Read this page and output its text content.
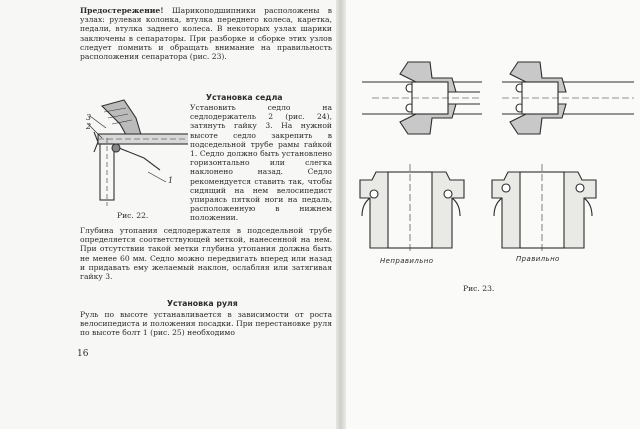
Предостережение! Шарикоподшипники расположены в узлах: рулевая колонка, втулка переднего колеса, каретка, педали, втулка заднего колеса. В некоторых узлах шарики заключены в сепараторы. При разборке и сборке этих узлов следует помнить и обращать внимание на правильность расположения сепаратора (рис. 23).
Установка седла
Установить седло на седлодержатель 2 (рис. 24), затянуть гайку 3. На нужной высоте седло закрепить в подседельной трубе рамы гайкой 1. Седло должно быть установлено горизонтально или слегка наклонено назад. Седло рекомендуется ставить так, чтобы сидящий на нем велосипедист упираясь пяткой ноги на педаль, расположенную в нижнем положении.
Глубина утопания седлодержателя в подседельной трубе определяется соответствующей меткой, нанесенной на нем. При отсутствии такой метки глубина утопания должна быть не менее 60 мм. Седло можно передвигать вперед или назад и придавать ему желаемый наклон, ослабляя или затягивая гайку 3.
Установка руля
Руль по высоте устанавливается в зависимости от роста велосипедиста и положения посадки. При перестановке руля по высоте болт 1 (рис. 25) необходимо
16
3
2
1
Рис. 22.
Неправильно	Правильно
Рис. 23.
